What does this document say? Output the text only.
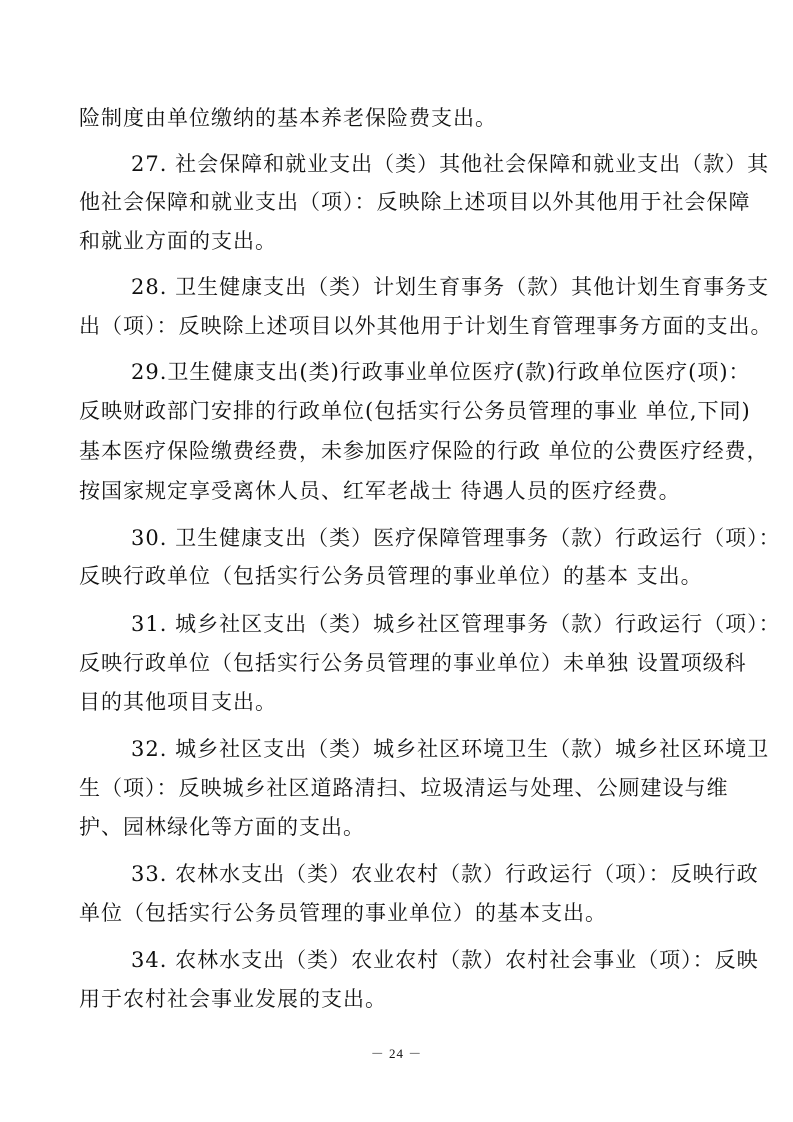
险制度由单位缴纳的基本养老保险费支出。
27. 社会保障和就业支出（类）其他社会保障和就业支出（款）其
他社会保障和就业支出（项）：反映除上述项目以外其他用于社会保障
和就业方面的支出。
28. 卫生健康支出（类）计划生育事务（款）其他计划生育事务支
出（项）：反映除上述项目以外其他用于计划生育管理事务方面的支出。
29.卫生健康支出(类)行政事业单位医疗(款)行政单位医疗(项)：
反映财政部门安排的行政单位(包括实行公务员管理的事业 单位,下同)
基本医疗保险缴费经费，未参加医疗保险的行政 单位的公费医疗经费，
按国家规定享受离休人员、红军老战士 待遇人员的医疗经费。
30. 卫生健康支出（类）医疗保障管理事务（款）行政运行（项）：
反映行政单位（包括实行公务员管理的事业单位）的基本 支出。
31. 城乡社区支出（类）城乡社区管理事务（款）行政运行（项）：
反映行政单位（包括实行公务员管理的事业单位）未单独 设置项级科
目的其他项目支出。
32. 城乡社区支出（类）城乡社区环境卫生（款）城乡社区环境卫
生（项）：反映城乡社区道路清扫、垃圾清运与处理、公厕建设与维
护、园林绿化等方面的支出。
33. 农林水支出（类）农业农村（款）行政运行（项）：反映行政
单位（包括实行公务员管理的事业单位）的基本支出。
34. 农林水支出（类）农业农村（款）农村社会事业（项）：反映
用于农村社会事业发展的支出。
－ 24 －
